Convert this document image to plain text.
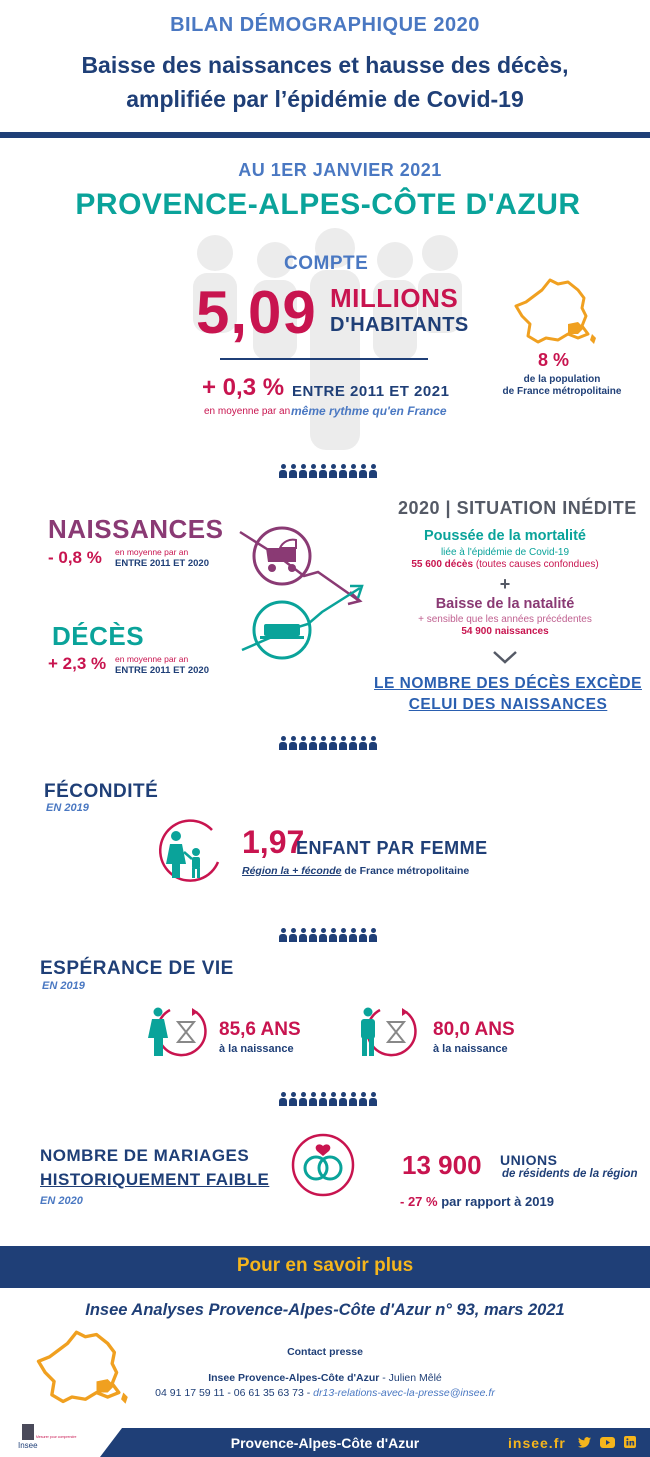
BILAN DÉMOGRAPHIQUE 2020
Baisse des naissances et hausse des décès,
amplifiée par l’épidémie de Covid-19
AU 1ER JANVIER 2021
PROVENCE-ALPES-CÔTE D'AZUR
COMPTE
5,09 MILLIONS
D'HABITANTS
+ 0,3 % ENTRE 2011 ET 2021
en moyenne par an même rythme qu'en France
8 %
de la population
de France métropolitaine
NAISSANCES
- 0,8 % en moyenne par an
ENTRE 2011 ET 2020
DÉCÈS
+ 2,3 % en moyenne par an
ENTRE 2011 ET 2020
2020 | SITUATION INÉDITE
Poussée de la mortalité
liée à l'épidémie de Covid-19
55 600 décès (toutes causes confondues)
+
Baisse de la natalité
+ sensible que les années précédentes
54 900 naissances
LE NOMBRE DES DÉCÈS EXCÈDE
CELUI DES NAISSANCES
FÉCONDITÉ
EN 2019
1,97
ENFANT PAR FEMME
Région la + féconde de France métropolitaine
ESPÉRANCE DE VIE
EN 2019
85,6 ANS
à la naissance
80,0 ANS
à la naissance
NOMBRE DE MARIAGES
HISTORIQUEMENT FAIBLE
EN 2020
13 900 UNIONS
de résidents de la région
- 27 % par rapport à 2019
Pour en savoir plus
Insee Analyses Provence-Alpes-Côte d'Azur n° 93, mars 2021
Contact presse
Insee Provence-Alpes-Côte d'Azur - Julien Mêlé
04 91 17 59 11 - 06 61 35 63 73 - dr13-relations-avec-la-presse@insee.fr
Insee
Mesurer pour comprendre	Provence-Alpes-Côte d'Azur	insee.fr
